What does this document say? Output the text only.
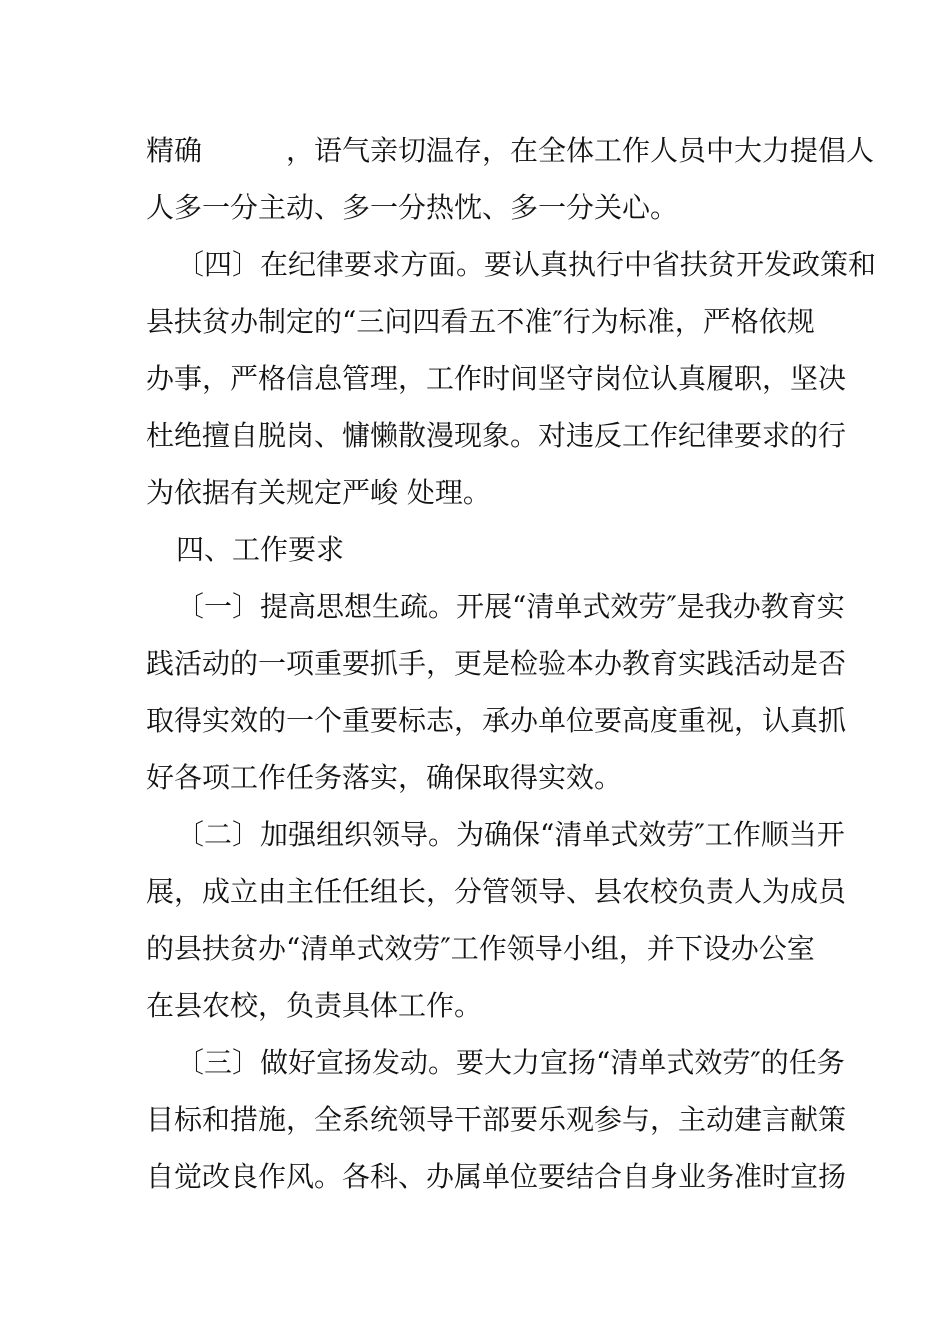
精确　　　，语气亲切温存，在全体工作人员中大力提倡人
人多一分主动、多一分热忱、多一分关心。
〔四〕在纪律要求方面。要认真执行中省扶贫开发政策和
县扶贫办制定的“三问四看五不准″行为标准，严格依规
办事，严格信息管理，工作时间坚守岗位认真履职，坚决
杜绝擅自脱岗、慵懒散漫现象。对违反工作纪律要求的行
为依据有关规定严峻 处理。
四、工作要求
〔一〕提高思想生疏。开展“清单式效劳″是我办教育实
践活动的一项重要抓手，更是检验本办教育实践活动是否
取得实效的一个重要标志，承办单位要高度重视，认真抓
好各项工作任务落实，确保取得实效。
〔二〕加强组织领导。为确保“清单式效劳″工作顺当开
展，成立由主任任组长，分管领导、县农校负责人为成员
的县扶贫办“清单式效劳″工作领导小组，并下设办公室
在县农校，负责具体工作。
〔三〕做好宣扬发动。要大力宣扬“清单式效劳″的任务
目标和措施，全系统领导干部要乐观参与，主动建言献策
自觉改良作风。各科、办属单位要结合自身业务准时宣扬
